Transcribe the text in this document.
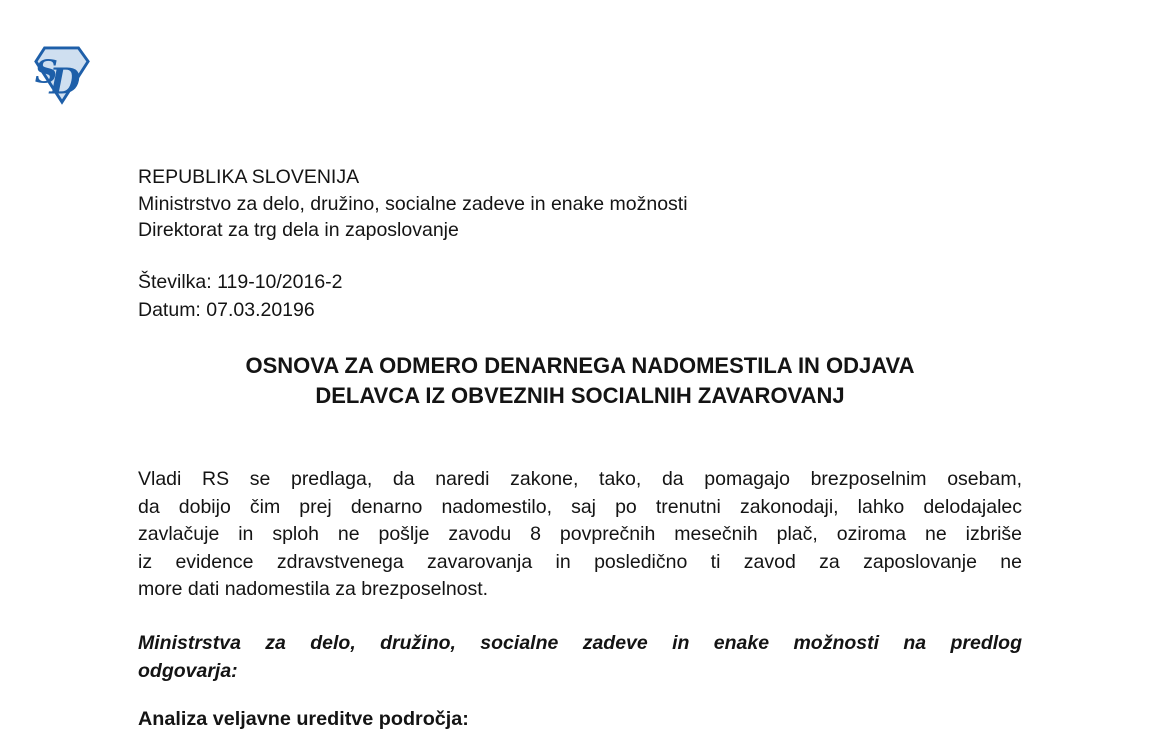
S
D
REPUBLIKA SLOVENIJA
Ministrstvo za delo, družino, socialne zadeve in enake možnosti
Direktorat za trg dela in zaposlovanje
Številka: 119-10/2016-2
Datum: 07.03.20196
OSNOVA ZA ODMERO DENARNEGA NADOMESTILA IN ODJAVA
DELAVCA IZ OBVEZNIH SOCIALNIH ZAVAROVANJ
Vladi RS se predlaga, da naredi zakone, tako, da pomagajo brezposelnim osebam,
da dobijo čim prej denarno nadomestilo, saj po trenutni zakonodaji, lahko delodajalec
zavlačuje in sploh ne pošlje zavodu 8 povprečnih mesečnih plač, oziroma ne izbriše
iz evidence zdravstvenega zavarovanja in posledično ti zavod za zaposlovanje ne
more dati nadomestila za brezposelnost.
Ministrstva za delo, družino, socialne zadeve in enake možnosti na predlog
odgovarja:
Analiza veljavne ureditve področja:
